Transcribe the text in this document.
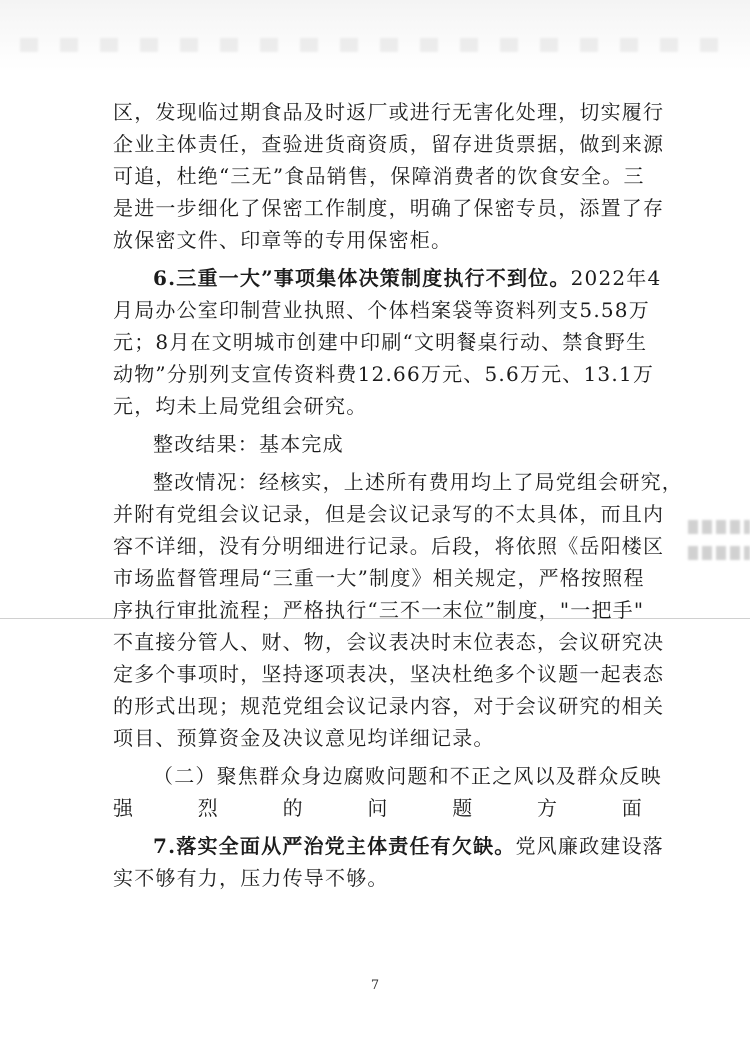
区，发现临过期食品及时返厂或进行无害化处理，切实履行
企业主体责任，查验进货商资质，留存进货票据，做到来源
可追，杜绝“三无”食品销售，保障消费者的饮食安全。三
是进一步细化了保密工作制度，明确了保密专员，添置了存
放保密文件、印章等的专用保密柜。
6.三重一大”事项集体决策制度执行不到位。2022年4
月局办公室印制营业执照、个体档案袋等资料列支5.58万
元；8月在文明城市创建中印刷“文明餐桌行动、禁食野生
动物”分别列支宣传资料费12.66万元、5.6万元、13.1万
元，均未上局党组会研究。
整改结果：基本完成
整改情况：经核实，上述所有费用均上了局党组会研究，
并附有党组会议记录，但是会议记录写的不太具体，而且内
容不详细，没有分明细进行记录。后段，将依照《岳阳楼区
市场监督管理局“三重一大”制度》相关规定，严格按照程
序执行审批流程；严格执行“三不一末位”制度，"一把手"
不直接分管人、财、物，会议表决时末位表态，会议研究决
定多个事项时，坚持逐项表决，坚决杜绝多个议题一起表态
的形式出现；规范党组会议记录内容，对于会议研究的相关
项目、预算资金及决议意见均详细记录。
（二）聚焦群众身边腐败问题和不正之风以及群众反映
强烈的问题方面
7.落实全面从严治党主体责任有欠缺。党风廉政建设落
实不够有力，压力传导不够。
7
